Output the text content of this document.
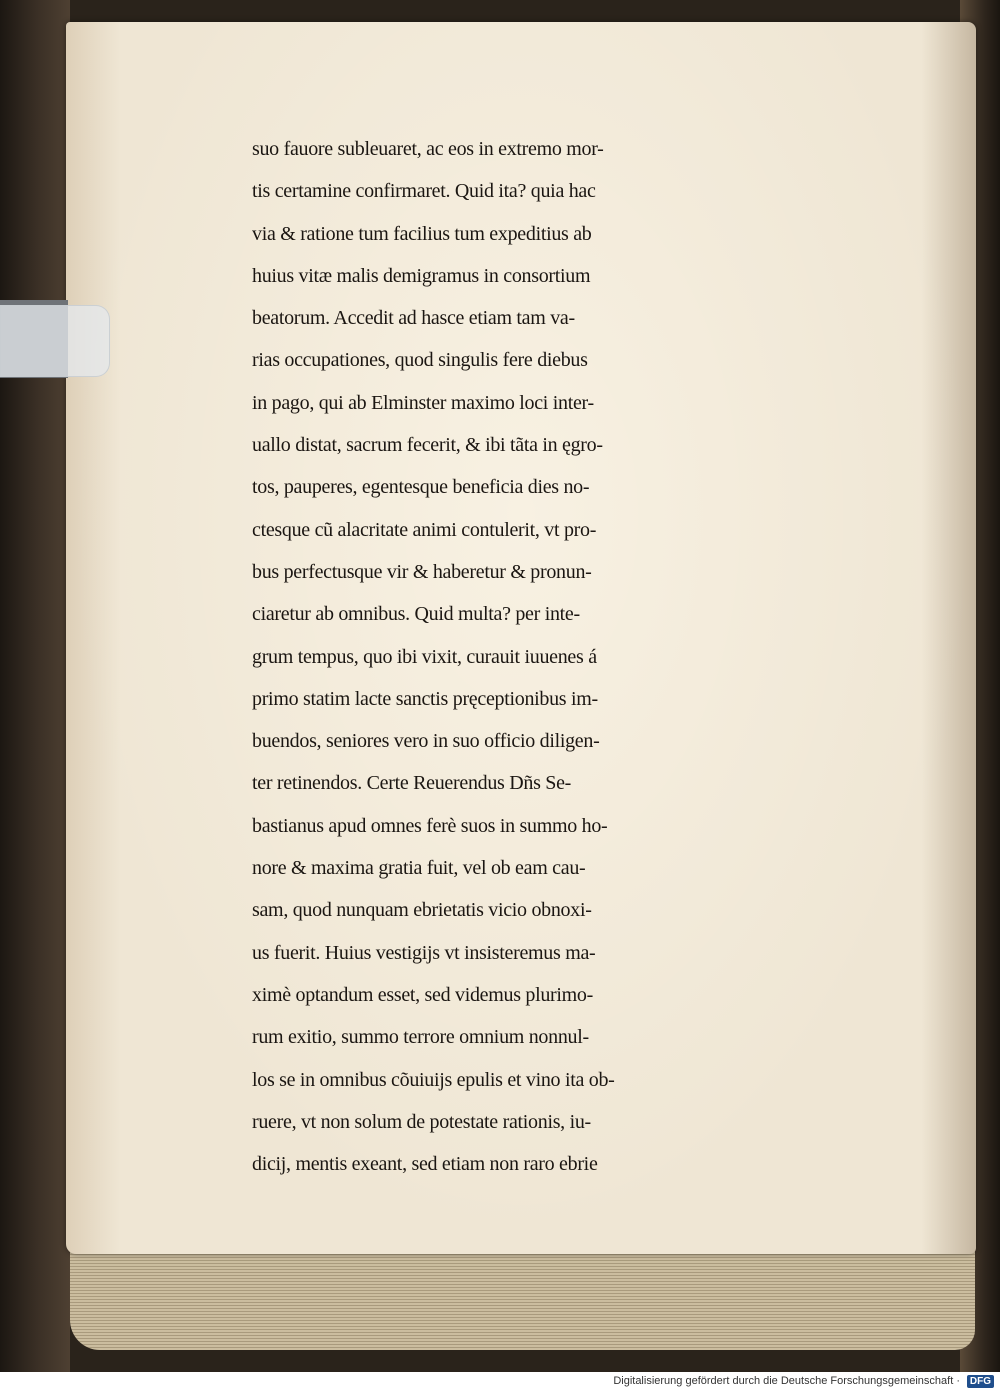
suo fauore subleuaret, ac eos in extremo mor-
tis certamine confirmaret. Quid ita? quia hac
via & ratione tum facilius tum expeditius ab
huius vitæ malis demigramus in consortium
beatorum. Accedit ad hasce etiam tam va-
rias occupationes, quod singulis fere diebus
in pago, qui ab Elminster maximo loci inter-
uallo distat, sacrum fecerit, & ibi tãta in ęgro-
tos, pauperes, egentesque beneficia dies no-
ctesque cũ alacritate animi contulerit, vt pro-
bus perfectusque vir & haberetur & pronun-
ciaretur ab omnibus. Quid multa? per inte-
grum tempus, quo ibi vixit, curauit iuuenes á
primo statim lacte sanctis pręceptionibus im-
buendos, seniores vero in suo officio diligen-
ter retinendos. Certe Reuerendus Dñs Se-
bastianus apud omnes ferè suos in summo ho-
nore & maxima gratia fuit, vel ob eam cau-
sam, quod nunquam ebrietatis vicio obnoxi-
us fuerit. Huius vestigijs vt insisteremus ma-
ximè optandum esset, sed videmus plurimo-
rum exitio, summo terrore omnium nonnul-
los se in omnibus cõuiuijs epulis et vino ita ob-
ruere, vt non solum de potestate rationis, iu-
dicij, mentis exeant, sed etiam non raro ebrie
Digitalisierung gefördert durch die Deutsche Forschungsgemeinschaft · DFG
